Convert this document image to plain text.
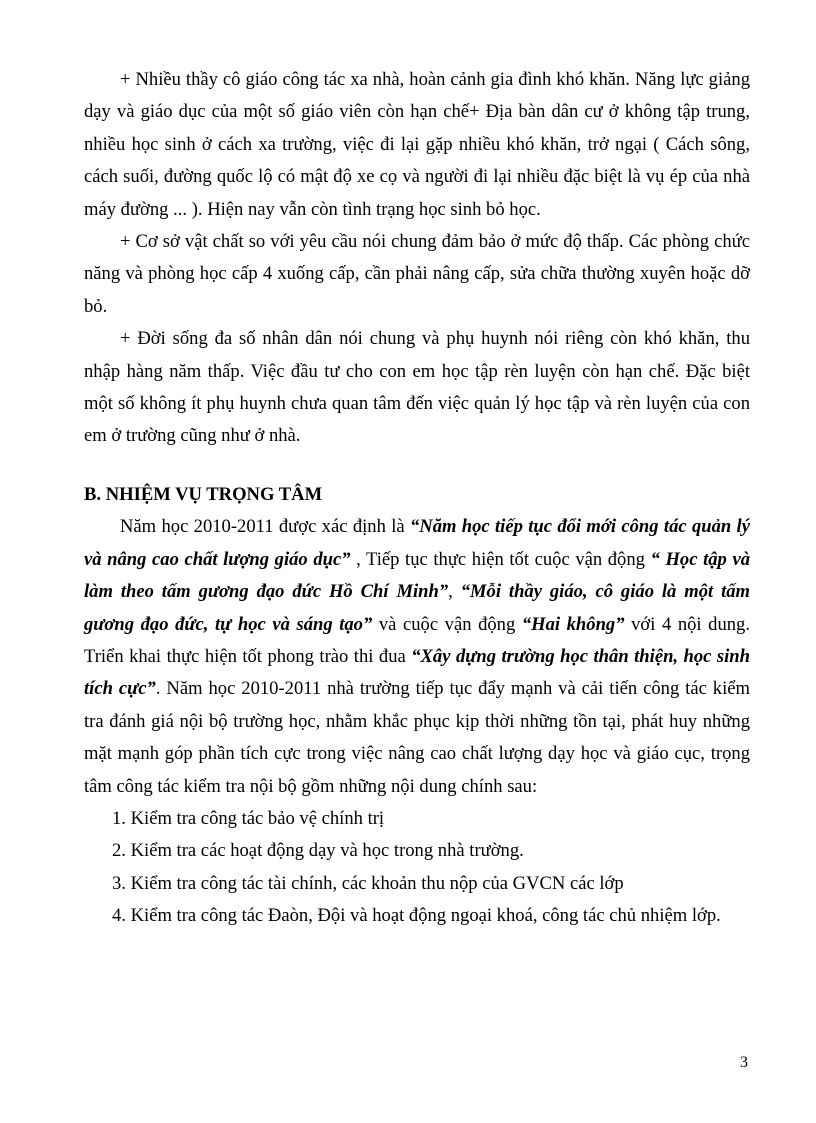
+ Nhiều thầy cô giáo công tác xa nhà, hoàn cảnh gia đình khó khăn. Năng lực giảng dạy và giáo dục của một số giáo viên còn hạn chế+ Địa bàn dân cư ở không tập trung, nhiều học sinh ở cách xa trường, việc đi lại gặp nhiều khó khăn, trở ngại ( Cách sông, cách suối, đường quốc lộ có mật độ xe cọ và người đi lại nhiều đặc biệt là vụ ép của nhà máy đường ... ). Hiện nay vẫn còn tình trạng học sinh bỏ học.

+ Cơ sở vật chất so với yêu cầu nói chung đảm bảo ở mức độ thấp. Các phòng chức năng và phòng học cấp 4 xuống cấp, cần phải nâng cấp, sửa chữa thường xuyên hoặc dỡ bỏ.

+ Đời sống đa số nhân dân nói chung và phụ huynh nói riêng còn khó khăn, thu nhập hàng năm thấp. Việc đầu tư cho con em học tập rèn luyện còn hạn chế. Đặc biệt một số không ít phụ huynh chưa quan tâm đến việc quản lý học tập và rèn luyện của con em ở trường cũng như ở nhà.

B. NHIỆM VỤ TRỌNG TÂM

Năm học 2010-2011 được xác định là “Năm học tiếp tục đổi mới công tác quản lý và nâng cao chất lượng giáo dục” , Tiếp tục thực hiện tốt cuộc vận động “ Học tập và làm theo tấm gương đạo đức Hồ Chí Minh”, “Mỗi thầy giáo, cô giáo là một tấm gương đạo đức, tự học và sáng tạo” và cuộc vận động “Hai không” với 4 nội dung. Triển khai thực hiện tốt phong trào thi đua “Xây dựng trường học thân thiện, học sinh tích cực”. Năm học 2010-2011 nhà trường tiếp tục đẩy mạnh và cải tiến công tác kiểm tra đánh giá nội bộ trường học, nhằm khắc phục kịp thời những tồn tại, phát huy những mặt mạnh góp phần tích cực trong việc nâng cao chất lượng dạy học và giáo cục, trọng tâm công tác kiểm tra nội bộ gồm những nội dung chính sau:

1. Kiểm tra công tác bảo vệ chính trị

2. Kiểm tra các hoạt động dạy và học trong nhà trường.

3. Kiểm tra công tác tài chính, các khoản thu nộp của GVCN các lớp

4. Kiểm tra công tác Đaòn, Đội và hoạt động ngoại khoá, công tác chủ nhiệm lớp.

3
